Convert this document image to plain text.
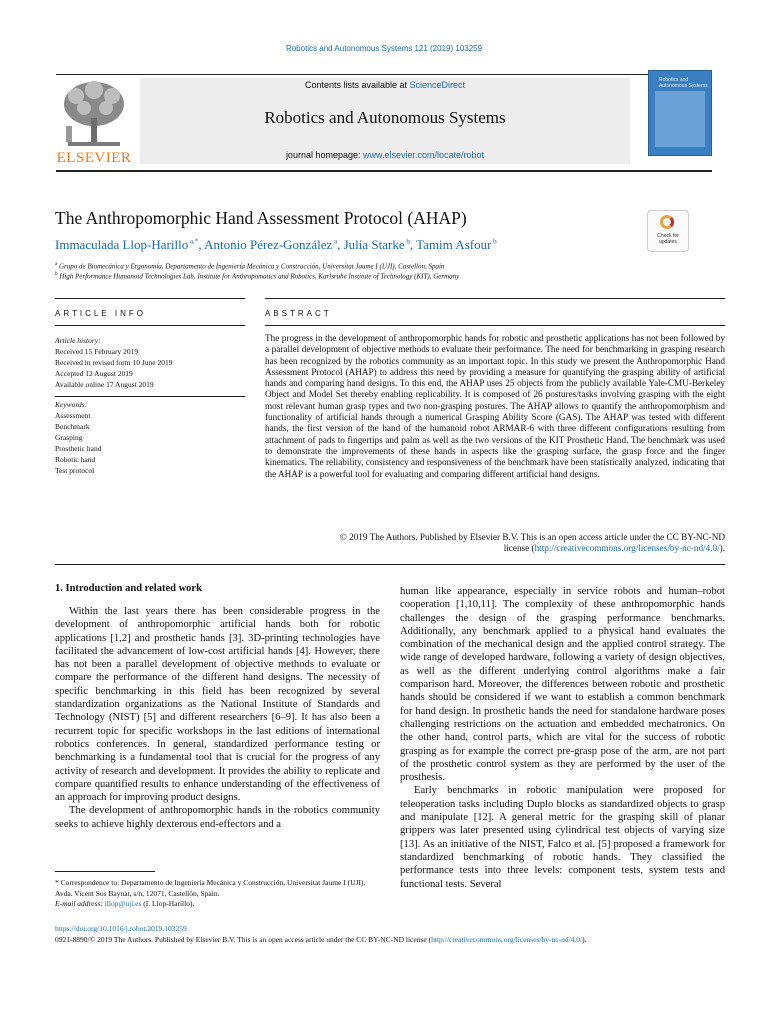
Robotics and Autonomous Systems 121 (2019) 103259
ELSEVIER
Contents lists available at ScienceDirect
Robotics and Autonomous Systems
journal homepage: www.elsevier.com/locate/robot
Robotics and Autonomous Systems
The Anthropomorphic Hand Assessment Protocol (AHAP)
Check for
updates
Immaculada Llop-Harillo $^{a,*}$, Antonio Pérez-González $^a$, Julia Starke $^b$, Tamim Asfour $^b$
$^a$ Grupo de Biomecánica y Ergonomía, Departamento de Ingeniería Mecánica y Construcción, Universitat Jaume I (UJI), Castellón, Spain
$^b$ High Performance Humanoid Technologies Lab, Institute for Anthropomatics and Robotics, Karlsruhe Institute of Technology (KIT), Germany
ARTICLE INFO	ABSTRACT
Article history:
Received 15 February 2019
Received in revised form 10 June 2019
Accepted 12 August 2019
Available online 17 August 2019
Keywords:
Assessment
Benchmark
Grasping
Prosthetic hand
Robotic hand
Test protocol
The progress in the development of anthropomorphic hands for robotic and prosthetic applications has not been followed by a parallel development of objective methods to evaluate their performance. The need for benchmarking in grasping research has been recognized by the robotics community as an important topic. In this study we present the Anthropomorphic Hand Assessment Protocol (AHAP) to address this need by providing a measure for quantifying the grasping ability of artificial hands and comparing hand designs. To this end, the AHAP uses 25 objects from the publicly available Yale-CMU-Berkeley Object and Model Set thereby enabling replicability. It is composed of 26 postures/tasks involving grasping with the eight most relevant human grasp types and two non-grasping postures. The AHAP allows to quantify the anthropomorphism and functionality of artificial hands through a numerical Grasping Ability Score (GAS). The AHAP was tested with different hands, the first version of the hand of the humanoid robot ARMAR-6 with three different configurations resulting from attachment of pads to fingertips and palm as well as the two versions of the KIT Prosthetic Hand. The benchmark was used to demonstrate the improvements of these hands in aspects like the grasping surface, the grasp force and the finger kinematics. The reliability, consistency and responsiveness of the benchmark have been statistically analyzed, indicating that the AHAP is a powerful tool for evaluating and comparing different artificial hand designs.
© 2019 The Authors. Published by Elsevier B.V. This is an open access article under the CC BY-NC-ND
license (http://creativecommons.org/licenses/by-nc-nd/4.0/).
1. Introduction and related work

Within the last years there has been considerable progress in the development of anthropomorphic artificial hands both for robotic applications [1,2] and prosthetic hands [3]. 3D-printing technologies have facilitated the advancement of low-cost artificial hands [4]. However, there has not been a parallel development of objective methods to evaluate or compare the performance of the different hand designs. The necessity of specific benchmarking in this field has been recognized by several standardization organizations as the National Institute of Standards and Technology (NIST) [5] and different researchers [6–9]. It has also been a recurrent topic for specific workshops in the last editions of international robotics conferences. In general, standardized performance testing or benchmarking is a fundamental tool that is crucial for the progress of any activity of research and development. It provides the ability to replicate and compare quantified results to enhance understanding of the effectiveness of an approach for improving product designs.

The development of anthropomorphic hands in the robotics community seeks to achieve highly dexterous end-effectors and a

human like appearance, especially in service robots and human–robot cooperation [1,10,11]. The complexity of these anthropomorphic hands challenges the design of the grasping performance benchmarks. Additionally, any benchmark applied to a physical hand evaluates the combination of the mechanical design and the applied control strategy. The wide range of developed hardware, following a variety of design objectives, as well as the different underlying control algorithms make a fair comparison hard. Moreover, the differences between robotic and prosthetic hands should be considered if we want to establish a common benchmark for hand design. In prosthetic hands the need for standalone hardware poses challenging restrictions on the actuation and embedded mechatronics. On the other hand, control parts, which are vital for the success of robotic grasping as for example the correct pre-grasp pose of the arm, are not part of the prosthetic control system as they are performed by the user of the prosthesis.

Early benchmarks in robotic manipulation were proposed for teleoperation tasks including Duplo blocks as standardized objects to grasp and manipulate [12]. A general metric for the grasping skill of planar grippers was later presented using cylindrical test objects of varying size [13]. As an initiative of the NIST, Falco et al. [5] proposed a framework for standardized benchmarking of robotic hands. They classified the performance tests into three levels: component tests, system tests and functional tests. Several

* Correspondence to: Departamento de Ingeniería Mecánica y Construcción, Universitat Jaume I (UJI), Avda. Vicent Sos Baynat, s/n, 12071, Castellón, Spain.
E-mail address: illop@uji.es (I. Llop-Harillo).
https://doi.org/10.1016/j.robot.2019.103259
0921-8890/© 2019 The Authors. Published by Elsevier B.V. This is an open access article under the CC BY-NC-ND license (http://creativecommons.org/licenses/by-nc-nd/4.0/).
